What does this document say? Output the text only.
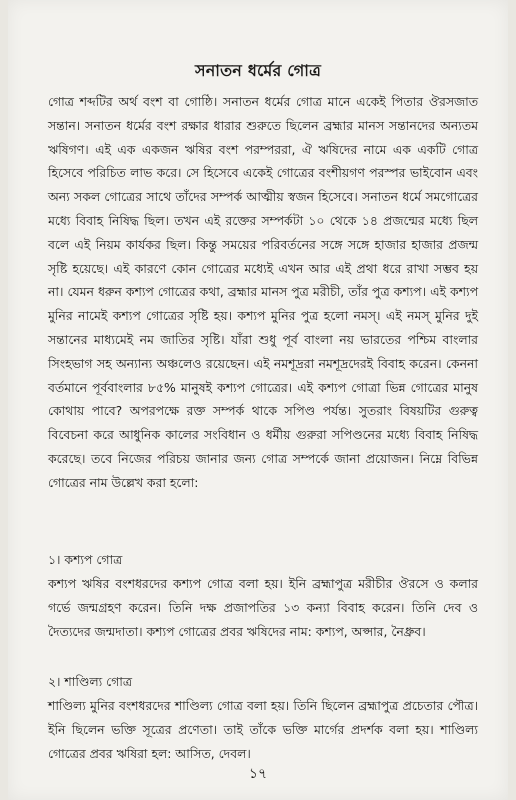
সনাতন ধর্মের গোত্র
গোত্র শব্দটির অর্থ বংশ বা গোষ্ঠি। সনাতন ধর্মের গোত্র মানে একেই পিতার ঔরসজাত সন্তান। সনাতন ধর্মের বংশ রক্ষার ধারার শুরুতে ছিলেন ব্রহ্মার মানস সন্তানদের অন্যতম ঋষিগণ। এই এক একজন ঋষির বংশ পরম্পররা, ঐ ঋষিদের নামে এক একটি গোত্র হিসেবে পরিচিত লাভ করে। সে হিসেবে একেই গোত্রের বংশীয়গণ পরস্পর ভাইবোন এবং অন্য সকল গোত্রের সাথে তাঁদের সম্পর্ক আত্মীয় স্বজন হিসেবে। সনাতন ধর্মে সমগোত্রের মধ্যে বিবাহ নিষিদ্ধ ছিল। তখন এই রক্তের সম্পর্কটা ১০ থেকে ১৪ প্রজন্মের মধ্যে ছিল বলে এই নিয়ম কার্যকর ছিল। কিন্তু সময়ের পরিবর্তনের সঙ্গে সঙ্গে হাজার হাজার প্রজন্ম সৃষ্টি হয়েছে। এই কারণে কোন গোত্রের মধ্যেই এখন আর এই প্রথা ধরে রাখা সম্ভব হয় না। যেমন ধরুন কশ্যপ গোত্রের কথা, ব্রহ্মার মানস পুত্র মরীচী, তাঁর পুত্র কশ্যপ। এই কশ্যপ মুনির নামেই কশ্যপ গোত্রের সৃষ্টি হয়। কশ্যপ মুনির পুত্র হলো নমস্। এই নমস্ মুনির দুই সন্তানের মাধ্যমেই নম জাতির সৃষ্টি। যাঁরা শুধু পূর্ব বাংলা নয় ভারতের পশ্চিম বাংলার সিংহভাগ সহ অন্যান্য অঞ্চলেও রয়েছেন। এই নমশূদ্ররা নমশূদ্রদেরই বিবাহ করেন। কেননা বর্তমানে পূর্ববাংলার ৮৫% মানুষই কশ্যপ গোত্রের। এই কশ্যপ গোত্রা ভিন্ন গোত্রের মানুষ কোথায় পাবে? অপরপক্ষে রক্ত সম্পর্ক থাকে সপিণ্ড পর্যন্ত। সুতরাং বিষয়টির গুরুত্ব বিবেচনা করে আধুনিক কালের সংবিধান ও ধর্মীয় গুরুরা সপিণ্ডনের মধ্যে বিবাহ নিষিদ্ধ করেছে। তবে নিজের পরিচয় জানার জন্য গোত্র সম্পর্কে জানা প্রয়োজন। নিম্নে বিভিন্ন গোত্রের নাম উল্লেখ করা হলো:
১। কশ্যপ গোত্র
কশ্যপ ঋষির বংশধরদের কশ্যপ গোত্র বলা হয়। ইনি ব্রহ্মাপুত্র মরীচীর ঔরসে ও কলার গর্ভে জন্মগ্রহণ করেন। তিনি দক্ষ প্রজাপতির ১৩ কন্যা বিবাহ করেন। তিনি দেব ও দৈত্যদের জন্মদাতা। কশ্যপ গোত্রের প্রবর ঋষিদের নাম: কশ্যপ, অপ্সার, নৈধ্রুব।
২। শাণ্ডিল্য গোত্র
শাণ্ডিল্য মুনির বংশধরদের শাণ্ডিল্য গোত্র বলা হয়। তিনি ছিলেন ব্রহ্মাপুত্র প্রচেতার পৌত্র। ইনি ছিলেন ভক্তি সূত্রের প্রণেতা। তাই তাঁকে ভক্তি মার্গের প্রদর্শক বলা হয়। শাণ্ডিল্য গোত্রের প্রবর ঋষিরা হল: আসিত, দেবল।
১৭
